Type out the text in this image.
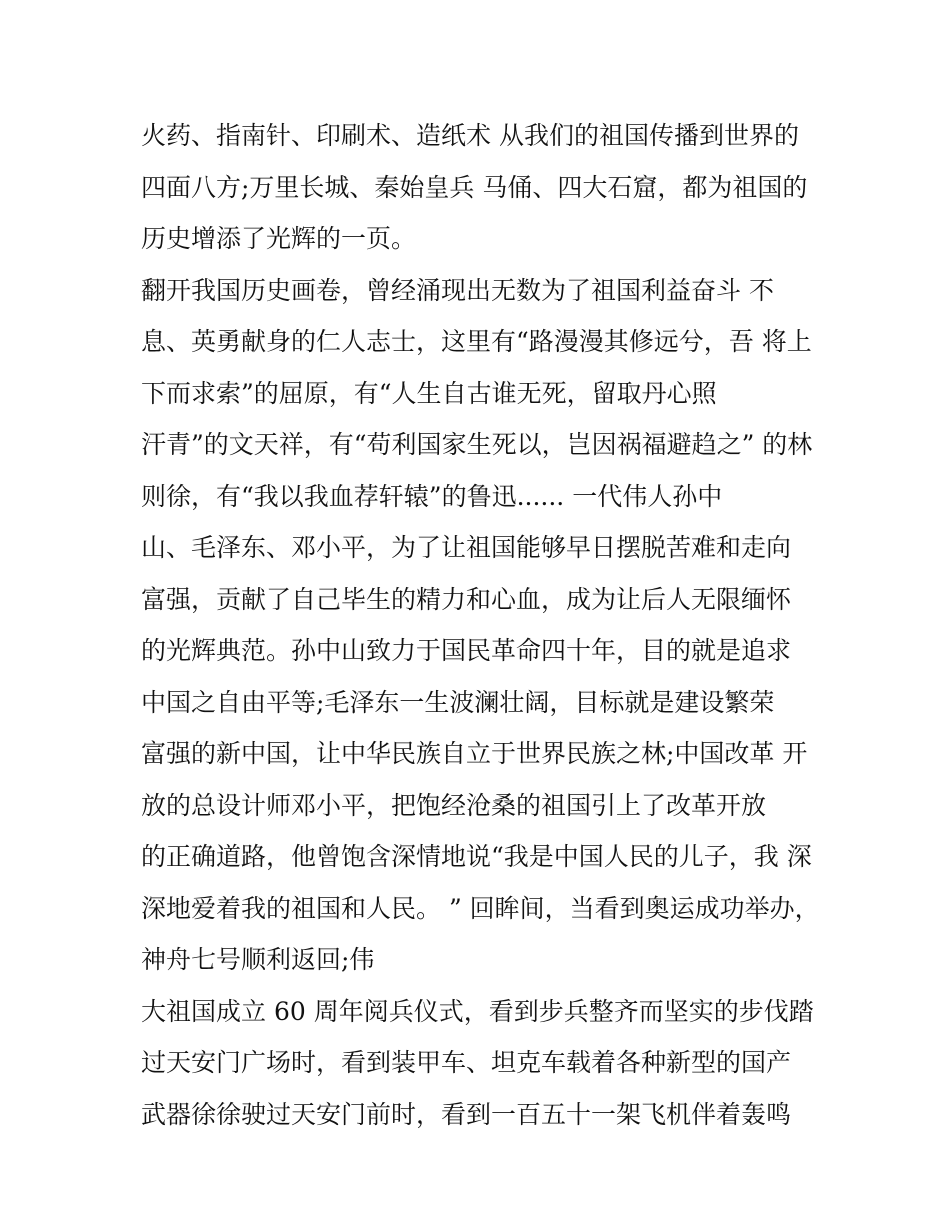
火药、指南针、印刷术、造纸术 从我们的祖国传播到世界的
四面八方;万里长城、秦始皇兵 马俑、四大石窟，都为祖国的
历史增添了光辉的一页。
翻开我国历史画卷，曾经涌现出无数为了祖国利益奋斗 不
息、英勇献身的仁人志士，这里有“路漫漫其修远兮，吾 将上
下而求索”的屈原，有“人生自古谁无死，留取丹心照
汗青”的文天祥，有“苟利国家生死以，岂因祸福避趋之” 的林
则徐，有“我以我血荐轩辕”的鲁迅...... 一代伟人孙中
山、毛泽东、邓小平，为了让祖国能够早日摆脱苦难和走向
富强，贡献了自己毕生的精力和心血，成为让后人无限缅怀
的光辉典范。孙中山致力于国民革命四十年，目的就是追求
中国之自由平等;毛泽东一生波澜壮阔，目标就是建设繁荣
富强的新中国，让中华民族自立于世界民族之林;中国改革 开
放的总设计师邓小平，把饱经沧桑的祖国引上了改革开放
的正确道路，他曾饱含深情地说“我是中国人民的儿子，我 深
深地爱着我的祖国和人民。 ” 回眸间，当看到奥运成功举办，
神舟七号顺利返回;伟
大祖国成立 60 周年阅兵仪式，看到步兵整齐而坚实的步伐踏
过天安门广场时，看到装甲车、坦克车载着各种新型的国产
武器徐徐驶过天安门前时，看到一百五十一架飞机伴着轰鸣
